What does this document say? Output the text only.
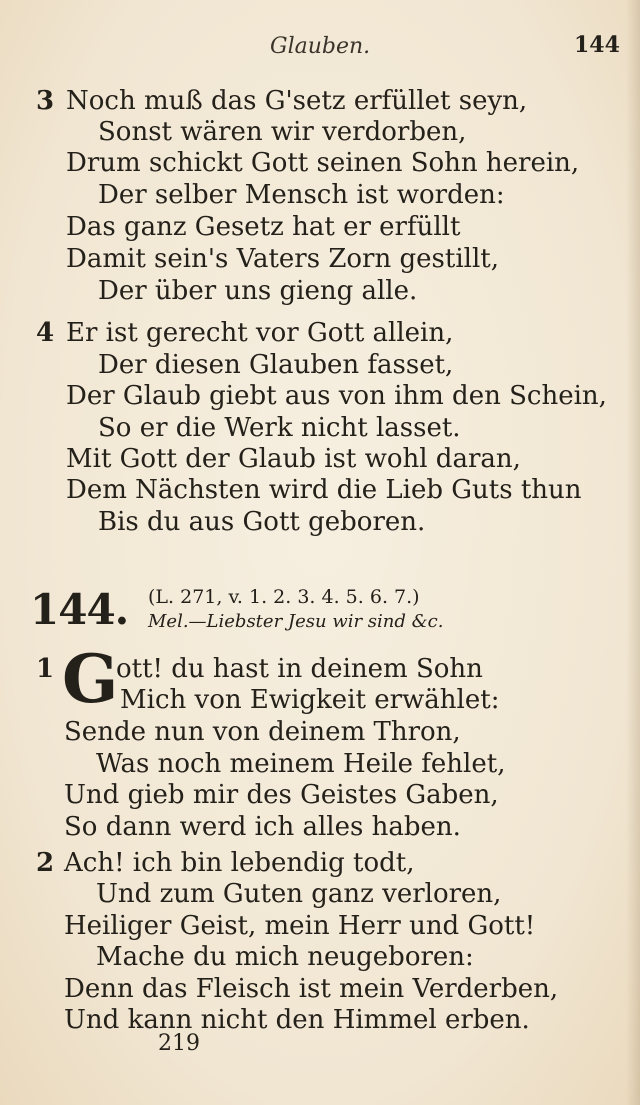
Glauben.	144
3 Noch muß das G'setz erfüllet seyn,
Sonst wären wir verdorben,
Drum schickt Gott seinen Sohn herein,
Der selber Mensch ist worden:
Das ganz Gesetz hat er erfüllt
Damit sein's Vaters Zorn gestillt,
Der über uns gieng alle.
4 Er ist gerecht vor Gott allein,
Der diesen Glauben fasset,
Der Glaub giebt aus von ihm den Schein,
So er die Werk nicht lasset.
Mit Gott der Glaub ist wohl daran,
Dem Nächsten wird die Lieb Guts thun
Bis du aus Gott geboren.
144. (L. 271, v. 1. 2. 3. 4. 5. 6. 7.)
Mel.—Liebster Jesu wir sind &c.
1 G
ott! du hast in deinem Sohn
Mich von Ewigkeit erwählet:
Sende nun von deinem Thron,
Was noch meinem Heile fehlet,
Und gieb mir des Geistes Gaben,
So dann werd ich alles haben.
2 Ach! ich bin lebendig todt,
Und zum Guten ganz verloren,
Heiliger Geist, mein Herr und Gott!
Mache du mich neugeboren:
Denn das Fleisch ist mein Verderben,
Und kann nicht den Himmel erben.
219
